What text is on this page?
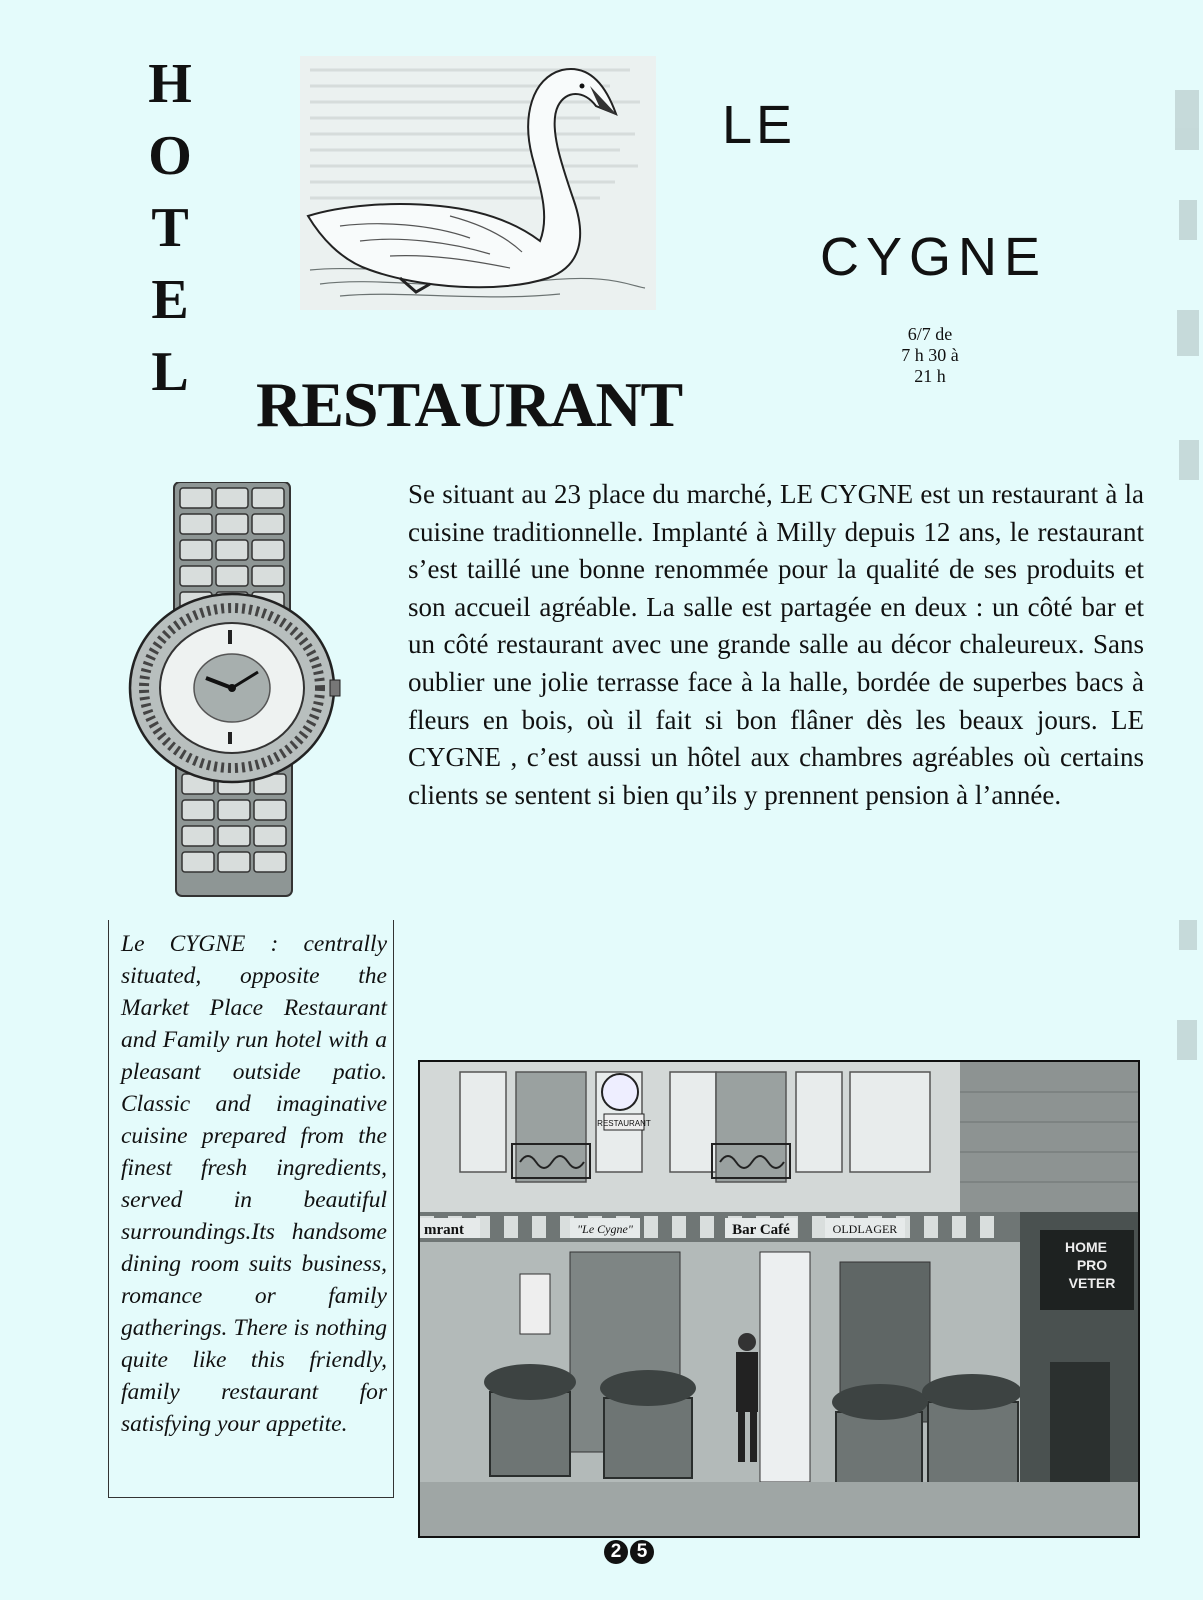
H
O
T
E
L
LE
CYGNE
6/7 de
7 h 30 à
21 h
RESTAURANT
Se situant au 23 place du marché, LE CYGNE est un restaurant à la cuisine traditionnelle. Implanté à Milly depuis 12 ans, le restaurant s’est taillé une bonne renommée pour la qualité de ses produits et son accueil agréable. La salle est partagée en deux : un côté bar et un côté restaurant avec une grande salle au décor chaleureux. Sans oublier une jolie terrasse face à la halle, bordée de superbes bacs à fleurs en bois, où il fait si bon flâner dès les beaux jours. LE CYGNE , c’est aussi un hôtel aux chambres agréables où certains clients se sentent si bien qu’ils y prennent pension à l’année.
Le CYGNE : centrally situated, opposite the Market Place Restaurant and Family run hotel with a pleasant outside patio. Classic and imaginative cuisine prepared from the finest fresh ingredients, served in beautiful surroundings.Its handsome dining room suits business, romance or family gatherings. There is nothing quite like this friendly, family restaurant for satisfying your appetite.
RESTAURANT
mrant	"Le Cygne"	Bar Café	OLDLAGER
HOME
PRO
VETER
2 5
